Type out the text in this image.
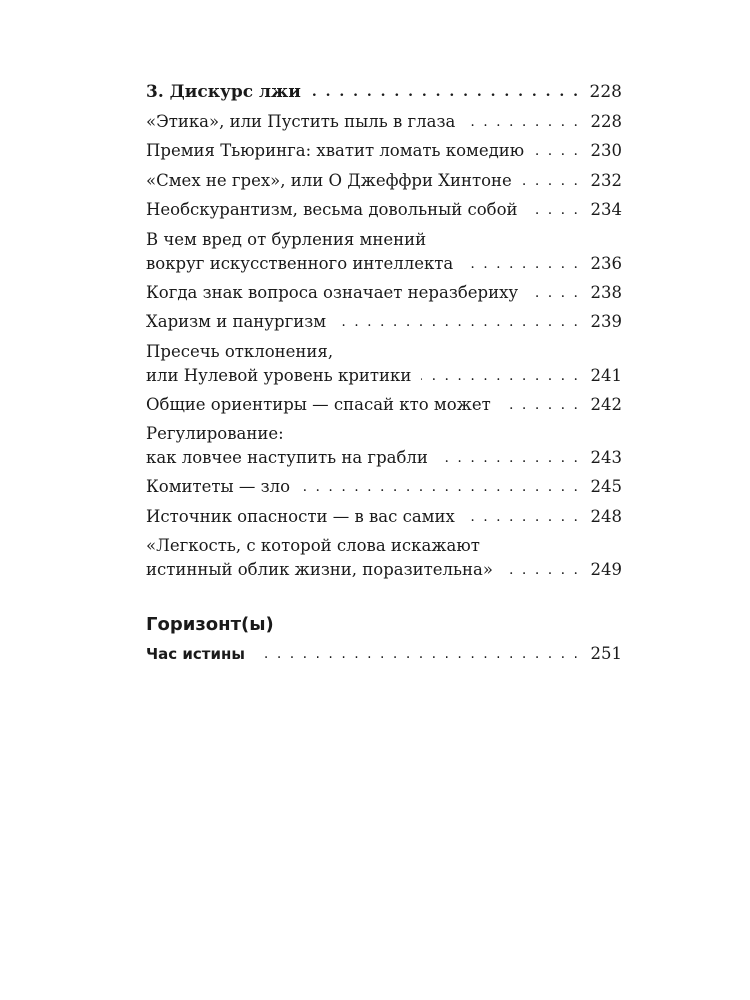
3. Дискурс лжи . . .	228
«Этика», или Пустить пыль в глаза . . .	228
Премия Тьюринга: хватит ломать комедию . . .	230
«Смех не грех», или О Джеффри Хинтоне . . .	232
Необскурантизм, весьма довольный собой . . .	234
В чем вред от бурления мнений
вокруг искусственного интеллекта . . .	236
Когда знак вопроса означает неразбериху . . .	238
Харизм и панургизм . . .	239
Пресечь отклонения,
или Нулевой уровень критики . . .	241
Общие ориентиры — спасай кто может . . .	242
Регулирование:
как ловчее наступить на грабли . . .	243
Комитеты — зло . . .	245
Источник опасности — в вас самих . . .	248
«Легкость, с которой слова искажают
истинный облик жизни, поразительна» . . .	249
Горизонт(ы)
Час истины . . .	251
